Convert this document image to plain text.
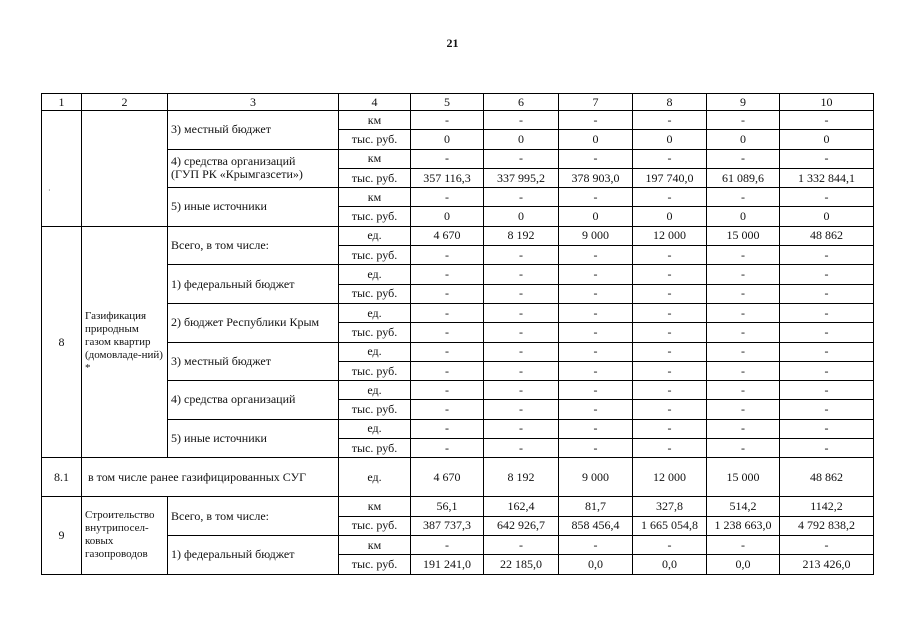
21
·
1	2	3	4	5	6	7	8	9	10
		3) местный бюджет	км	-	-	-	-	-	-
			тыс. руб.	0	0	0	0	0	0
		4) средства организаций
(ГУП РК «Крымгазсети»)	км	-	-	-	-	-	-
			тыс. руб.	357 116,3	337 995,2	378 903,0	197 740,0	61 089,6	1 332 844,1
		5) иные источники	км	-	-	-	-	-	-
			тыс. руб.	0	0	0	0	0	0
8	Газификация природным газом квартир (домовладе-ний) *	Всего, в том числе:	ед.	4 670	8 192	9 000	12 000	15 000	48 862
			тыс. руб.	-	-	-	-	-	-
		1) федеральный бюджет	ед.	-	-	-	-	-	-
			тыс. руб.	-	-	-	-	-	-
		2) бюджет Республики Крым	ед.	-	-	-	-	-	-
			тыс. руб.	-	-	-	-	-	-
		3) местный бюджет	ед.	-	-	-	-	-	-
			тыс. руб.	-	-	-	-	-	-
		4) средства организаций	ед.	-	-	-	-	-	-
			тыс. руб.	-	-	-	-	-	-
		5) иные источники	ед.	-	-	-	-	-	-
			тыс. руб.	-	-	-	-	-	-
8.1	в том числе ранее газифицированных СУГ		ед.	4 670	8 192	9 000	12 000	15 000	48 862
9	Строительство внутрипосел-ковых газопроводов	Всего, в том числе:	км	56,1	162,4	81,7	327,8	514,2	1142,2
			тыс. руб.	387 737,3	642 926,7	858 456,4	1 665 054,8	1 238 663,0	4 792 838,2
		1) федеральный бюджет	км	-	-	-	-	-	-
			тыс. руб.	191 241,0	22 185,0	0,0	0,0	0,0	213 426,0
